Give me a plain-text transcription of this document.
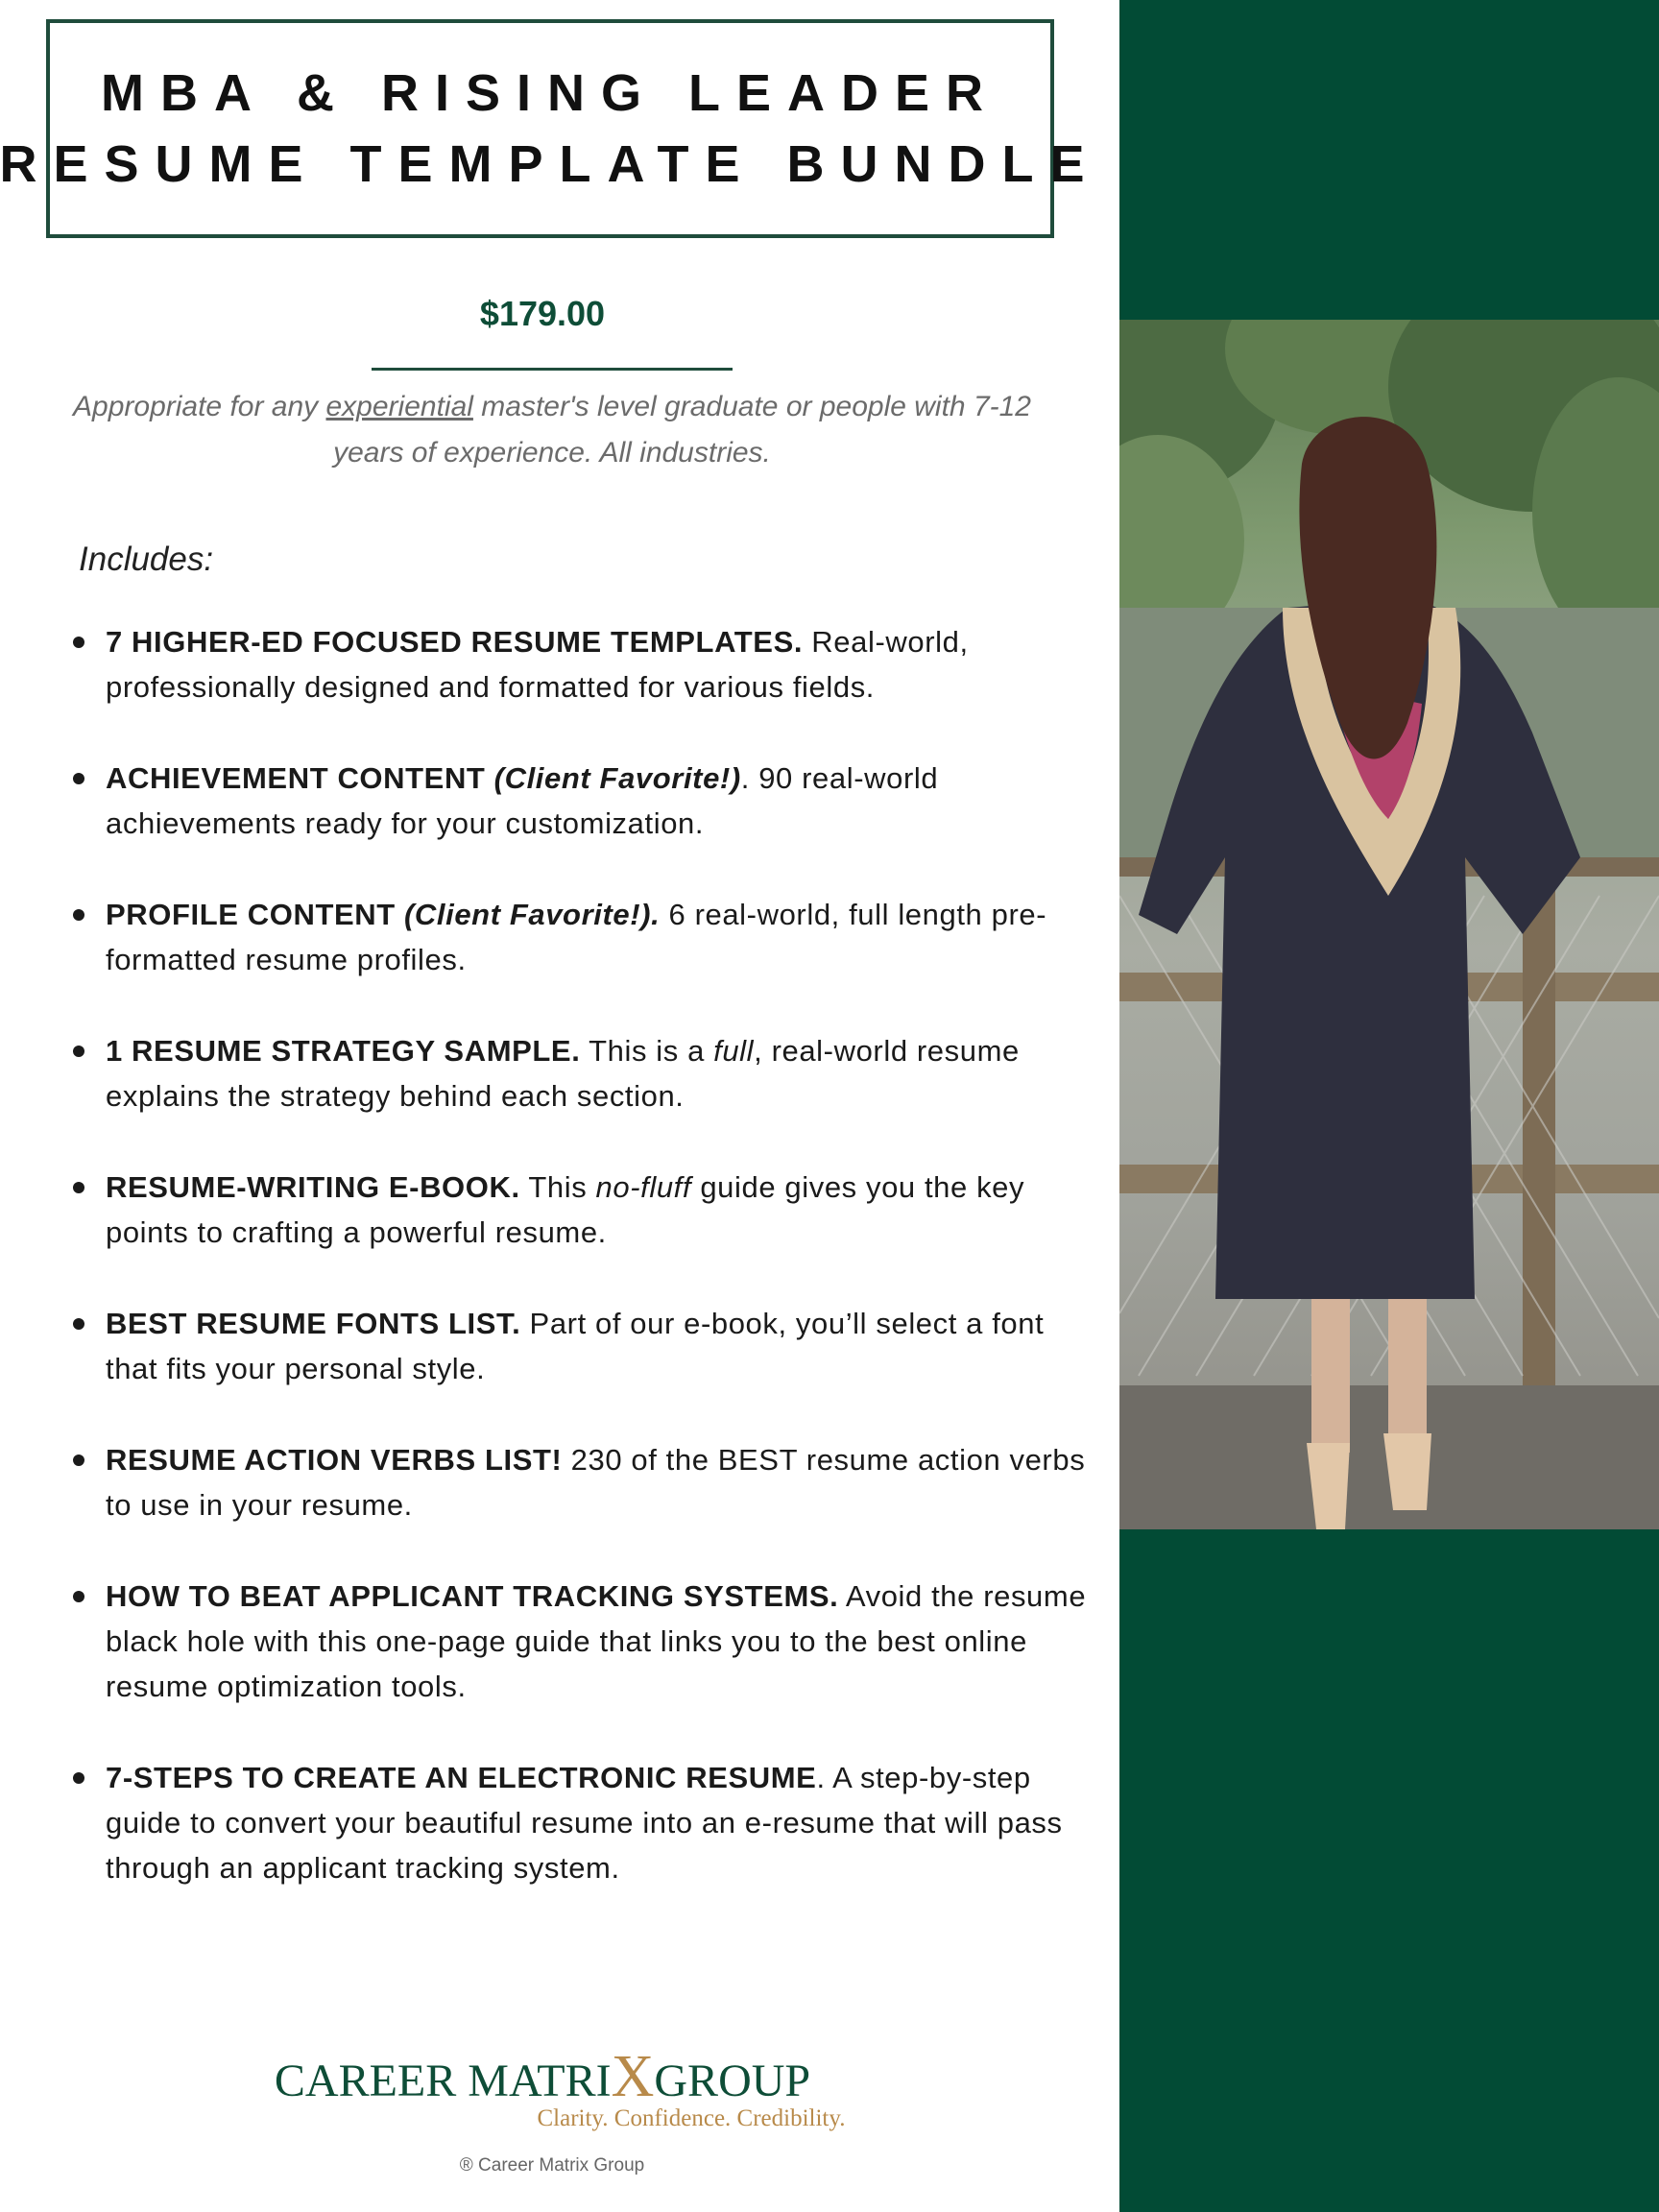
MBA & RISING LEADER
RESUME TEMPLATE BUNDLE
$179.00
Appropriate for any experiential master's level graduate or people with 7-12 years of experience. All industries.
Includes:
7 HIGHER-ED FOCUSED RESUME TEMPLATES. Real-world, professionally designed and formatted for various fields.
ACHIEVEMENT CONTENT (Client Favorite!). 90 real-world achievements ready for your customization.
PROFILE CONTENT (Client Favorite!). 6 real-world, full length pre-formatted resume profiles.
1 RESUME STRATEGY SAMPLE. This is a full, real-world resume explains the strategy behind each section.
RESUME-WRITING E-BOOK. This no-fluff guide gives you the key points to crafting a powerful resume.
BEST RESUME FONTS LIST. Part of our e-book, you’ll select a font that fits your personal style.
RESUME ACTION VERBS LIST! 230 of the BEST resume action verbs to use in your resume.
HOW TO BEAT APPLICANT TRACKING SYSTEMS. Avoid the resume black hole with this one-page guide that links you to the best online resume optimization tools.
7-STEPS TO CREATE AN ELECTRONIC RESUME. A step-by-step guide to convert your beautiful resume into an e-resume that will pass through an applicant tracking system.
CAREER MATRIXGROUP
Clarity. Confidence. Credibility.
® Career Matrix Group
